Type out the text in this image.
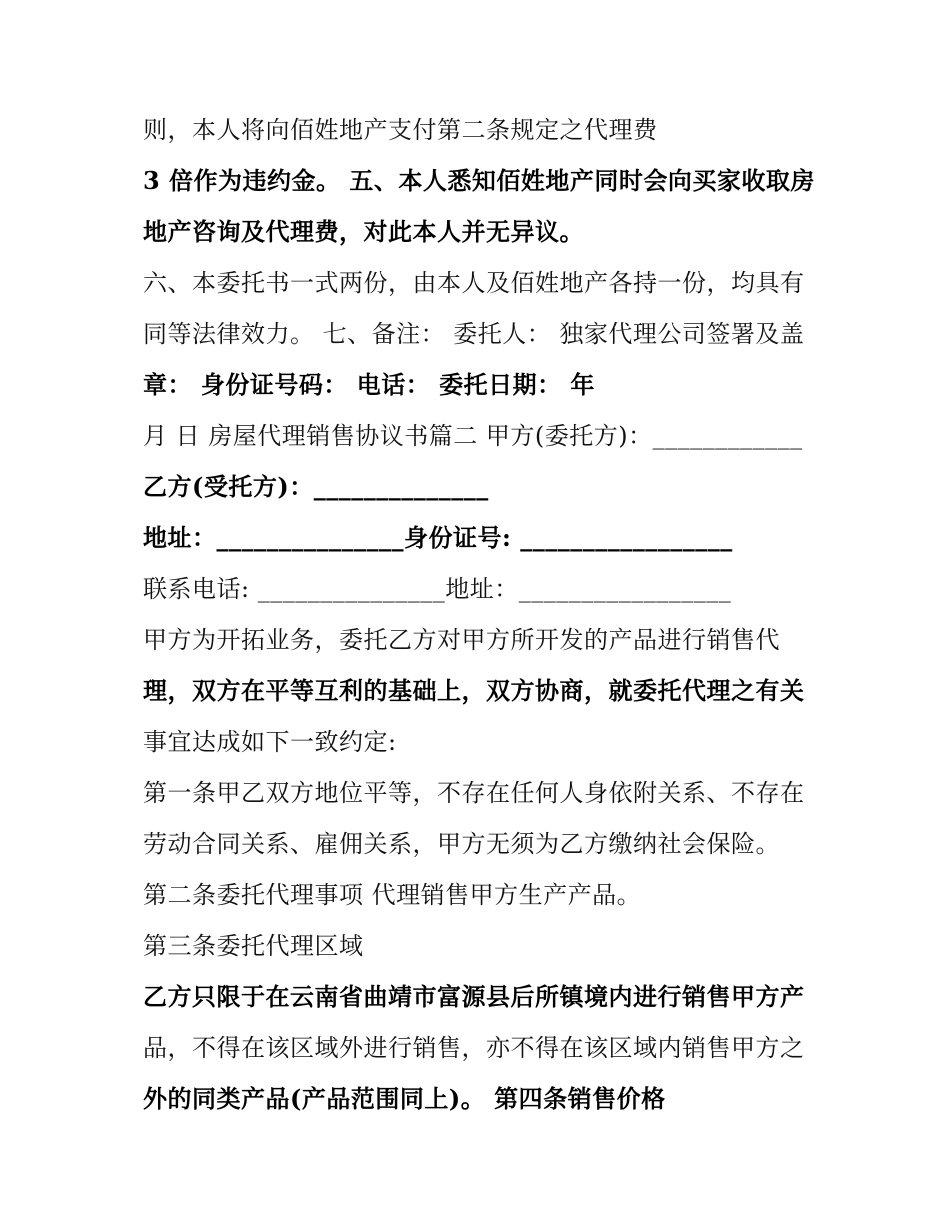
则，本人将向佰姓地产支付第二条规定之代理费
3 倍作为违约金。 五、本人悉知佰姓地产同时会向买家收取房
地产咨询及代理费，对此本人并无异议。
六、本委托书一式两份，由本人及佰姓地产各持一份，均具有
同等法律效力。 七、备注： 委托人： 独家代理公司签署及盖
章： 身份证号码： 电话： 委托日期： 年
月 日 房屋代理销售协议书篇二 甲方(委托方)：____________
乙方(受托方)：______________
地址：_______________身份证号: _________________
联系电话: _______________地址：_________________
甲方为开拓业务，委托乙方对甲方所开发的产品进行销售代
理，双方在平等互利的基础上，双方协商，就委托代理之有关
事宜达成如下一致约定:
第一条甲乙双方地位平等，不存在任何人身依附关系、不存在
劳动合同关系、雇佣关系，甲方无须为乙方缴纳社会保险。
第二条委托代理事项 代理销售甲方生产产品。
第三条委托代理区域
乙方只限于在云南省曲靖市富源县后所镇境内进行销售甲方产
品，不得在该区域外进行销售，亦不得在该区域内销售甲方之
外的同类产品(产品范围同上)。 第四条销售价格
